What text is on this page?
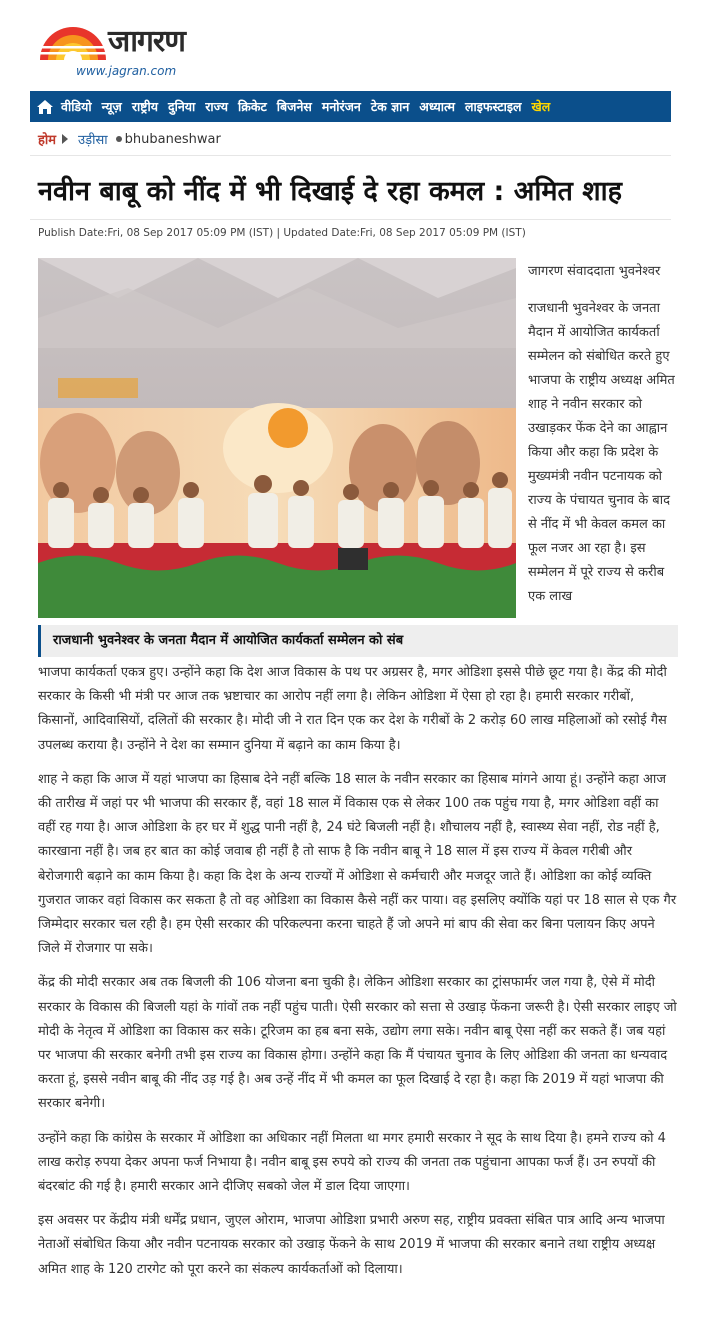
जागरण
www.jagran.com
वीडियो न्यूज़ राष्ट्रीय दुनिया राज्य क्रिकेट बिजनेस मनोरंजन टेक ज्ञान अध्यात्म लाइफस्टाइल खेल
होम उड़ीसा bhubaneshwar
नवीन बाबू को नींद में भी दिखाई दे रहा कमल : अमित शाह
Publish Date:Fri, 08 Sep 2017 05:09 PM (IST) | Updated Date:Fri, 08 Sep 2017 05:09 PM (IST)
राजधानी भुवनेश्वर के जनता मैदान में आयोजित कार्यकर्ता सम्मेलन को संब
जागरण संवाददाता भुवनेश्वर
राजधानी भुवनेश्वर के जनता मैदान में आयोजित कार्यकर्ता सम्मेलन को संबोधित करते हुए भाजपा के राष्ट्रीय अध्यक्ष अमित शाह ने नवीन सरकार को उखाड़कर फेंक देने का आह्वान किया और कहा कि प्रदेश के मुख्यमंत्री नवीन पटनायक को राज्य के पंचायत चुनाव के बाद से नींद में भी केवल कमल का फूल नजर आ रहा है। इस सम्मेलन में पूरे राज्य से करीब एक लाख

भाजपा कार्यकर्ता एकत्र हुए। उन्होंने कहा कि देश आज विकास के पथ पर अग्रसर है, मगर ओडिशा इससे पीछे छूट गया है। केंद्र की मोदी सरकार के किसी भी मंत्री पर आज तक भ्रष्टाचार का आरोप नहीं लगा है। लेकिन ओडिशा में ऐसा हो रहा है। हमारी सरकार गरीबों, किसानों, आदिवासियों, दलितों की सरकार है। मोदी जी ने रात दिन एक कर देश के गरीबों के 2 करोड़ 60 लाख महिलाओं को रसोई गैस उपलब्ध कराया है। उन्होंने ने देश का सम्मान दुनिया में बढ़ाने का काम किया है।

शाह ने कहा कि आज में यहां भाजपा का हिसाब देने नहीं बल्कि 18 साल के नवीन सरकार का हिसाब मांगने आया हूं। उन्होंने कहा आज की तारीख में जहां पर भी भाजपा की सरकार हैं, वहां 18 साल में विकास एक से लेकर 100 तक पहुंच गया है, मगर ओडिशा वहीं का वहीं रह गया है। आज ओडिशा के हर घर में शुद्ध पानी नहीं है, 24 घंटे बिजली नहीं है। शौचालय नहीं है, स्वास्थ्य सेवा नहीं, रोड नहीं है, कारखाना नहीं है। जब हर बात का कोई जवाब ही नहीं है तो साफ है कि नवीन बाबू ने 18 साल में इस राज्य में केवल गरीबी और बेरोजगारी बढ़ाने का काम किया है। कहा कि देश के अन्य राज्यों में ओडिशा से कर्मचारी और मजदूर जाते हैं। ओडिशा का कोई व्यक्ति गुजरात जाकर वहां विकास कर सकता है तो वह ओडिशा का विकास कैसे नहीं कर पाया। वह इसलिए क्योंकि यहां पर 18 साल से एक गैर जिम्मेदार सरकार चल रही है। हम ऐसी सरकार की परिकल्पना करना चाहते हैं जो अपने मां बाप की सेवा कर बिना पलायन किए अपने जिले में रोजगार पा सके।

केंद्र की मोदी सरकार अब तक बिजली की 106 योजना बना चुकी है। लेकिन ओडिशा सरकार का ट्रांसफार्मर जल गया है, ऐसे में मोदी सरकार के विकास की बिजली यहां के गांवों तक नहीं पहुंच पाती। ऐसी सरकार को सत्ता से उखाड़ फेंकना जरूरी है। ऐसी सरकार लाइए जो मोदी के नेतृत्व में ओडिशा का विकास कर सके। टूरिजम का हब बना सके, उद्योग लगा सके। नवीन बाबू ऐसा नहीं कर सकते हैं। जब यहां पर भाजपा की सरकार बनेगी तभी इस राज्य का विकास होगा। उन्होंने कहा कि मैं पंचायत चुनाव के लिए ओडिशा की जनता का धन्यवाद करता हूं, इससे नवीन बाबू की नींद उड़ गई है। अब उन्हें नींद में भी कमल का फूल दिखाई दे रहा है। कहा कि 2019 में यहां भाजपा की सरकार बनेगी।

उन्होंने कहा कि कांग्रेस के सरकार में ओडिशा का अधिकार नहीं मिलता था मगर हमारी सरकार ने सूद के साथ दिया है। हमने राज्य को 4 लाख करोड़ रुपया देकर अपना फर्ज निभाया है। नवीन बाबू इस रुपये को राज्य की जनता तक पहुंचाना आपका फर्ज हैं। उन रुपयों की बंदरबांट की गई है। हमारी सरकार आने दीजिए सबको जेल में डाल दिया जाएगा।

इस अवसर पर केंद्रीय मंत्री धर्मेंद्र प्रधान, जुएल ओराम, भाजपा ओडिशा प्रभारी अरुण सह, राष्ट्रीय प्रवक्ता संबित पात्र आदि अन्य भाजपा नेताओं संबोधित किया और नवीन पटनायक सरकार को उखाड़ फेंकने के साथ 2019 में भाजपा की सरकार बनाने तथा राष्ट्रीय अध्यक्ष अमित शाह के 120 टारगेट को पूरा करने का संकल्प कार्यकर्ताओं को दिलाया।
